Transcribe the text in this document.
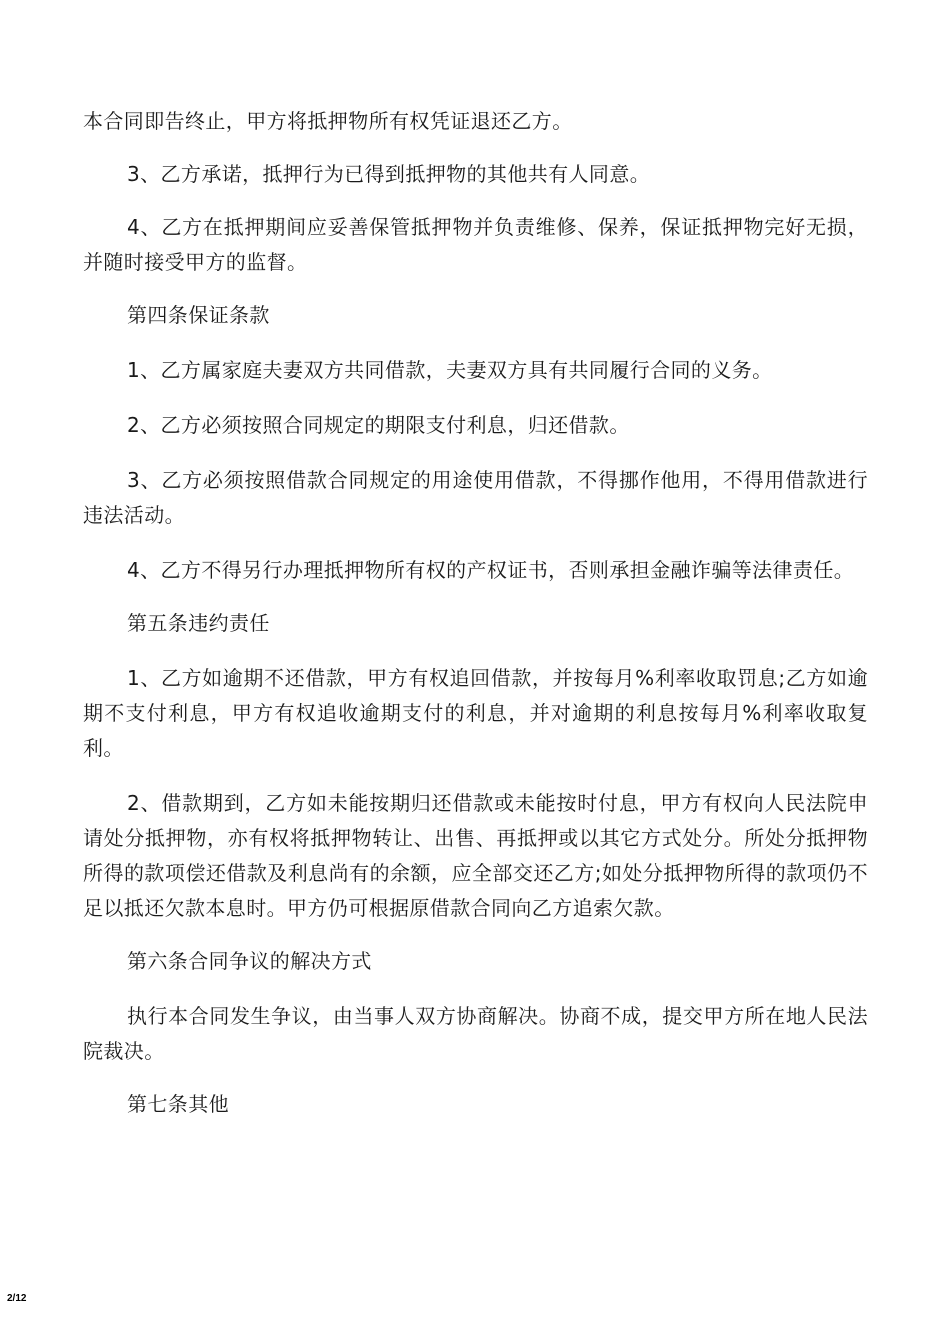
本合同即告终止，甲方将抵押物所有权凭证退还乙方。

3、乙方承诺，抵押行为已得到抵押物的其他共有人同意。

4、乙方在抵押期间应妥善保管抵押物并负责维修、保养，保证抵押物完好无损，并随时接受甲方的监督。

第四条保证条款

1、乙方属家庭夫妻双方共同借款，夫妻双方具有共同履行合同的义务。

2、乙方必须按照合同规定的期限支付利息，归还借款。

3、乙方必须按照借款合同规定的用途使用借款，不得挪作他用，不得用借款进行违法活动。

4、乙方不得另行办理抵押物所有权的产权证书，否则承担金融诈骗等法律责任。

第五条违约责任

1、乙方如逾期不还借款，甲方有权追回借款，并按每月%利率收取罚息;乙方如逾期不支付利息，甲方有权追收逾期支付的利息，并对逾期的利息按每月%利率收取复利。

2、借款期到，乙方如未能按期归还借款或未能按时付息，甲方有权向人民法院申请处分抵押物，亦有权将抵押物转让、出售、再抵押或以其它方式处分。所处分抵押物所得的款项偿还借款及利息尚有的余额，应全部交还乙方;如处分抵押物所得的款项仍不足以抵还欠款本息时。甲方仍可根据原借款合同向乙方追索欠款。

第六条合同争议的解决方式

执行本合同发生争议，由当事人双方协商解决。协商不成，提交甲方所在地人民法院裁决。

第七条其他

2/12
